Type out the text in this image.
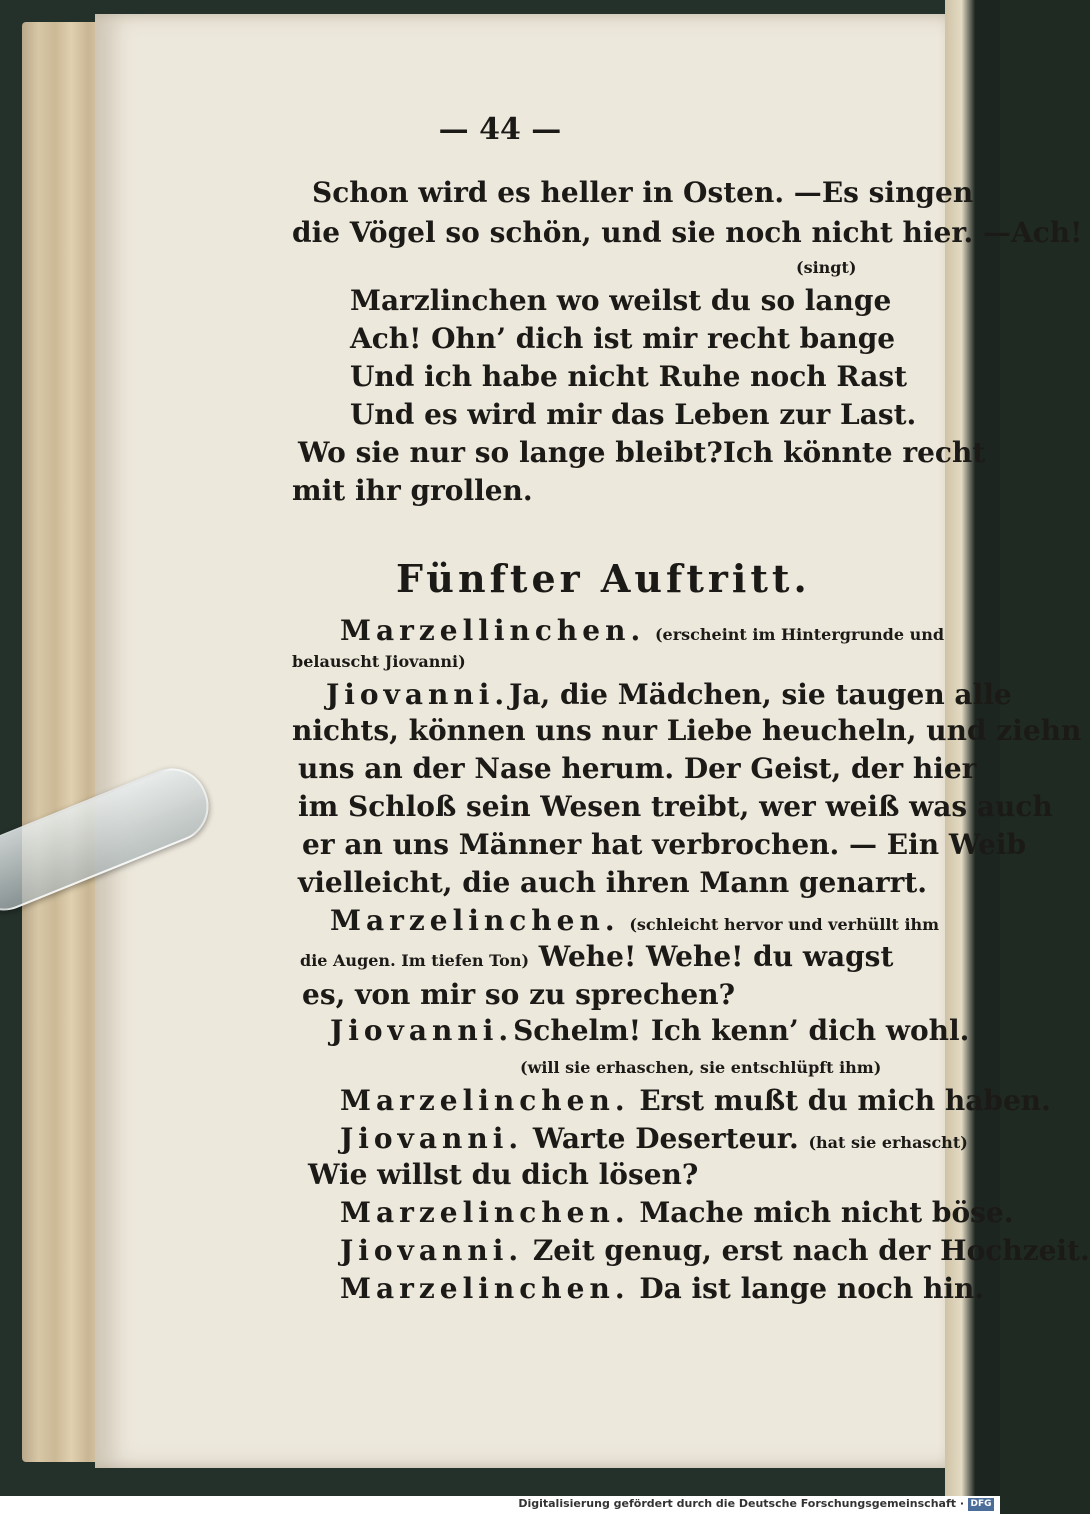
— 44 —
Schon wird es heller in Osten. — Es singen
die Vögel so schön, und sie noch nicht hier. — Ach!
(singt)
Marzlinchen wo weilst du so lange
Ach! Ohn’ dich ist mir recht bange
Und ich habe nicht Ruhe noch Rast
Und es wird mir das Leben zur Last.
Wo sie nur so lange bleibt? Ich könnte recht
mit ihr grollen.
Fünfter Auftritt.
Marzellinchen. (erscheint im Hintergrunde und
belauscht Jiovanni)
Jiovanni. Ja, die Mädchen, sie taugen alle
nichts, können uns nur Liebe heucheln, und ziehn
uns an der Nase herum. Der Geist, der hier
im Schloß sein Wesen treibt, wer weiß was auch
er an uns Männer hat verbrochen. — Ein Weib
vielleicht, die auch ihren Mann genarrt.
Marzelinchen. (schleicht hervor und verhüllt ihm
die Augen. Im tiefen Ton) Wehe! Wehe! du wagst
es, von mir so zu sprechen?
Jiovanni. Schelm! Ich kenn’ dich wohl.
(will sie erhaschen, sie entschlüpft ihm)
Marzelinchen. Erst mußt du mich haben.
Jiovanni. Warte Deserteur. (hat sie erhascht)
Wie willst du dich lösen?
Marzelinchen. Mache mich nicht böse.
Jiovanni. Zeit genug, erst nach der Hochzeit.
Marzelinchen. Da ist lange noch hin.
Digitalisierung gefördert durch die Deutsche Forschungsgemeinschaft · DFG
